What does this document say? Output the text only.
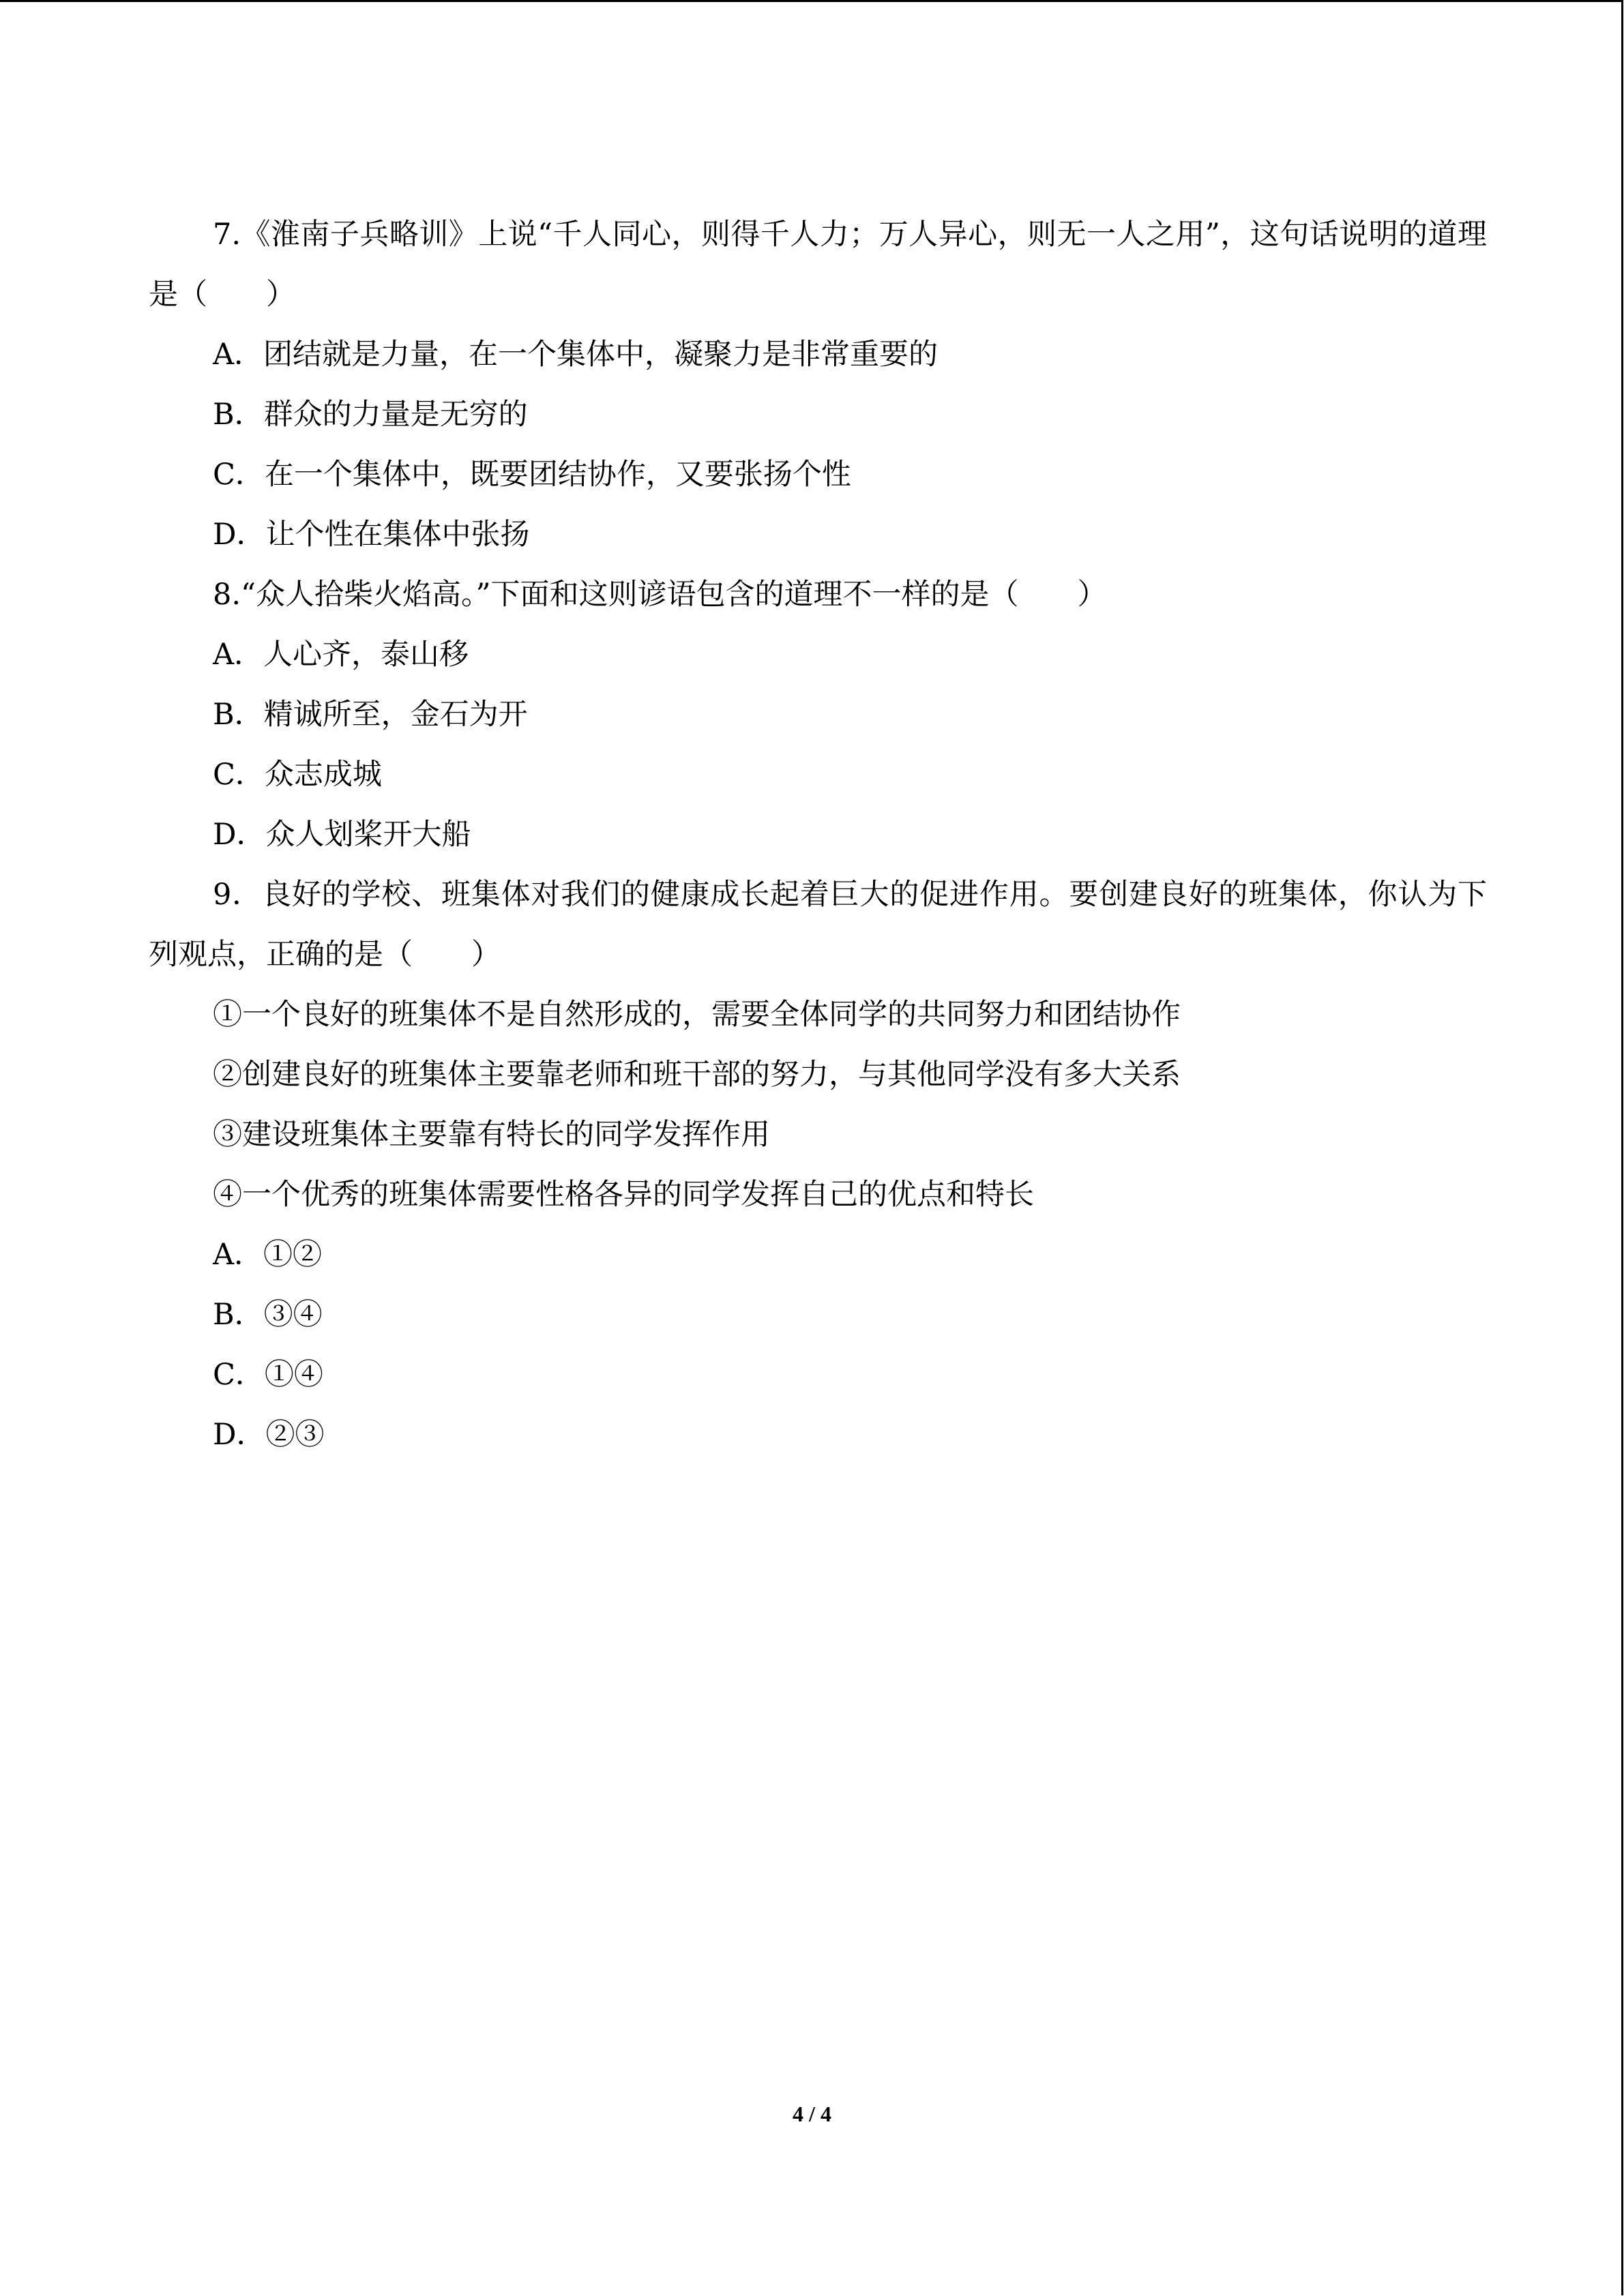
7.《淮南子兵略训》上说“千人同心，则得千人力；万人异心，则无一人之用”，这句话说明的道理是（　　）
A．团结就是力量，在一个集体中，凝聚力是非常重要的
B．群众的力量是无穷的
C．在一个集体中，既要团结协作，又要张扬个性
D．让个性在集体中张扬
8.“众人拾柴火焰高。”下面和这则谚语包含的道理不一样的是（　　）
A．人心齐，泰山移
B．精诚所至，金石为开
C．众志成城
D．众人划桨开大船
9．良好的学校、班集体对我们的健康成长起着巨大的促进作用。要创建良好的班集体，你认为下列观点，正确的是（　　）
①一个良好的班集体不是自然形成的，需要全体同学的共同努力和团结协作
②创建良好的班集体主要靠老师和班干部的努力，与其他同学没有多大关系
③建设班集体主要靠有特长的同学发挥作用
④一个优秀的班集体需要性格各异的同学发挥自己的优点和特长
A．①②
B．③④
C．①④
D．②③
4 / 4
